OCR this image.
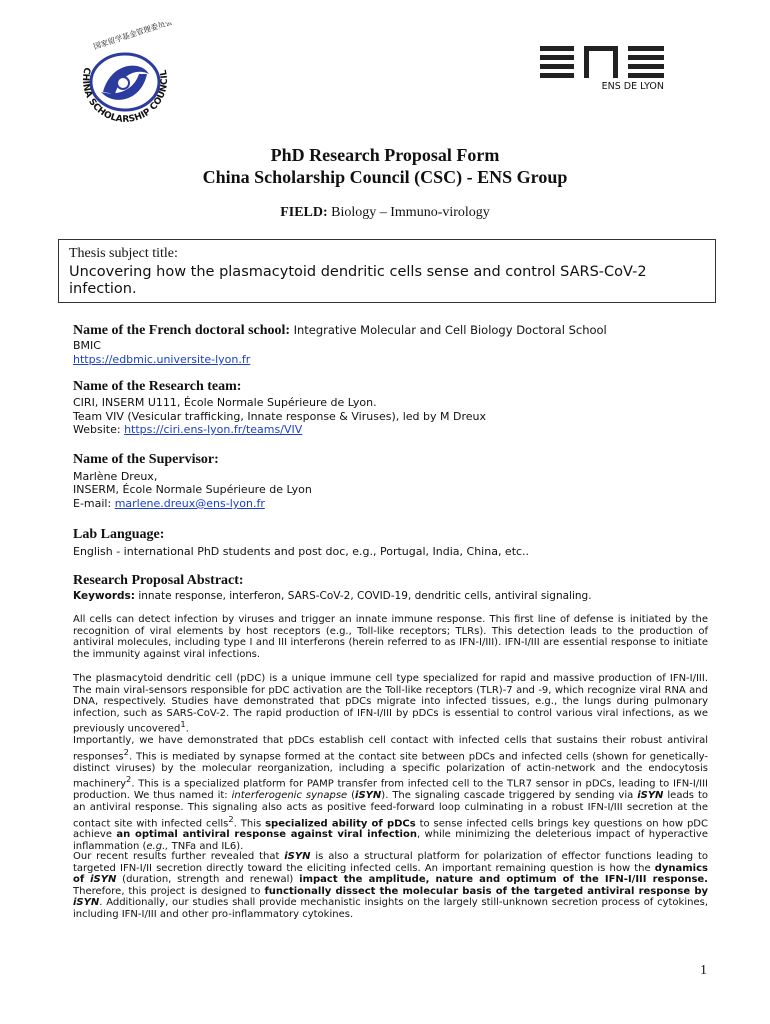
CHINA SCHOLARSHIP COUNCIL
国家留学基金管理委员会
ENS DE LYON
PhD Research Proposal Form
China Scholarship Council (CSC) - ENS Group
FIELD: Biology – Immuno-virology
Thesis subject title:
Uncovering how the plasmacytoid dendritic cells sense and control SARS-CoV-2 infection.
Name of the French doctoral school: Integrative Molecular and Cell Biology Doctoral School
BMIC
https://edbmic.universite-lyon.fr
Name of the Research team:
CIRI, INSERM U111, École Normale Supérieure de Lyon.
Team VIV (Vesicular trafficking, Innate response & Viruses), led by M Dreux
Website: https://ciri.ens-lyon.fr/teams/VIV
Name of the Supervisor:
Marlène Dreux,
INSERM, École Normale Supérieure de Lyon
E-mail: marlene.dreux@ens-lyon.fr
Lab Language:
English - international PhD students and post doc, e.g., Portugal, India, China, etc..
Research Proposal Abstract:
Keywords: innate response, interferon, SARS-CoV-2, COVID-19, dendritic cells, antiviral signaling.

All cells can detect infection by viruses and trigger an innate immune response. This first line of defense is initiated by the recognition of viral elements by host receptors (e.g., Toll-like receptors; TLRs). This detection leads to the production of antiviral molecules, including type I and III interferons (herein referred to as IFN-I/III). IFN-I/III are essential response to initiate the immunity against viral infections.

The plasmacytoid dendritic cell (pDC) is a unique immune cell type specialized for rapid and massive production of IFN-I/III. The main viral-sensors responsible for pDC activation are the Toll-like receptors (TLR)-7 and -9, which recognize viral RNA and DNA, respectively. Studies have demonstrated that pDCs migrate into infected tissues, e.g., the lungs during pulmonary infection, such as SARS-CoV-2. The rapid production of IFN-I/III by pDCs is essential to control various viral infections, as we previously uncovered$^1$.

Importantly, we have demonstrated that pDCs establish cell contact with infected cells that sustains their robust antiviral responses$^2$. This is mediated by synapse formed at the contact site between pDCs and infected cells (shown for genetically-distinct viruses) by the molecular reorganization, including a specific polarization of actin-network and the endocytosis machinery$^2$. This is a specialized platform for PAMP transfer from infected cell to the TLR7 sensor in pDCs, leading to IFN-I/III production. We thus named it: interferogenic synapse (iSYN). The signaling cascade triggered by sending via iSYN leads to an antiviral response. This signaling also acts as positive feed-forward loop culminating in a robust IFN-I/III secretion at the contact site with infected cells$^2$. This specialized ability of pDCs to sense infected cells brings key questions on how pDC achieve an optimal antiviral response against viral infection, while minimizing the deleterious impact of hyperactive inflammation (e.g., TNFa and IL6).

Our recent results further revealed that iSYN is also a structural platform for polarization of effector functions leading to targeted IFN-I/II secretion directly toward the eliciting infected cells. An important remaining question is how the dynamics of iSYN (duration, strength and renewal) impact the amplitude, nature and optimum of the IFN-I/III response. Therefore, this project is designed to functionally dissect the molecular basis of the targeted antiviral response by iSYN. Additionally, our studies shall provide mechanistic insights on the largely still-unknown secretion process of cytokines, including IFN-I/III and other pro-inflammatory cytokines.

1
